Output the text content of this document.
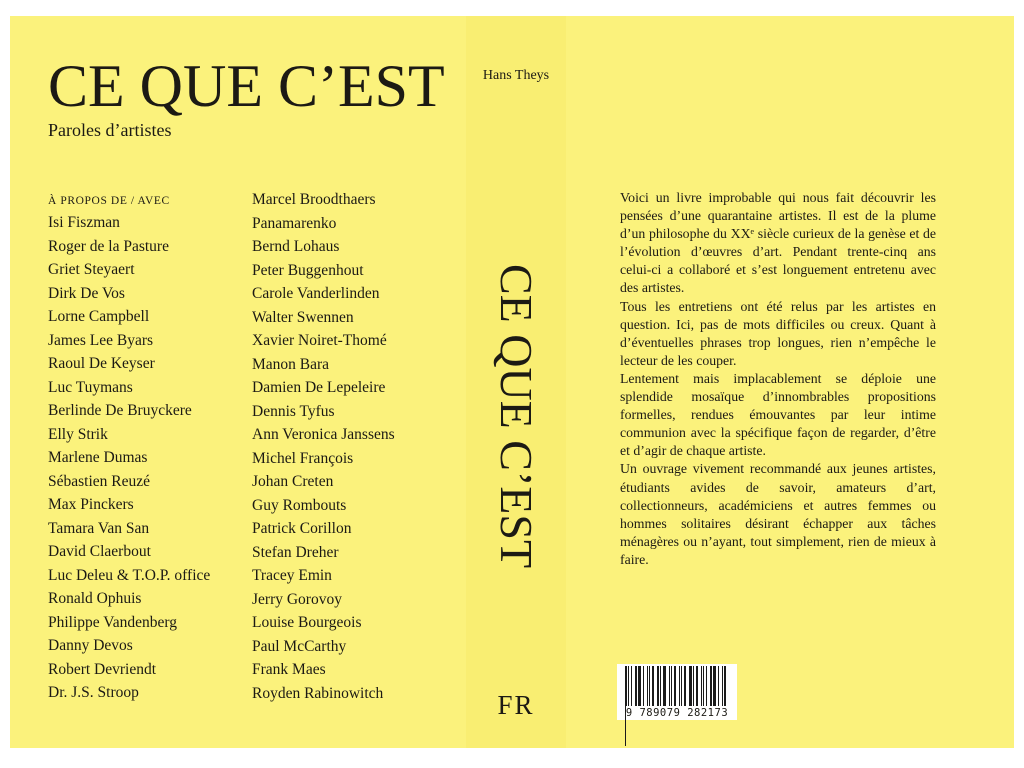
CE QUE C’EST
Paroles d’artistes
À PROPOS DE / AVEC
Isi Fiszman
Roger de la Pasture
Griet Steyaert
Dirk De Vos
Lorne Campbell
James Lee Byars
Raoul De Keyser
Luc Tuymans
Berlinde De Bruyckere
Elly Strik
Marlene Dumas
Sébastien Reuzé
Max Pinckers
Tamara Van San
David Claerbout
Luc Deleu & T.O.P. office
Ronald Ophuis
Philippe Vandenberg
Danny Devos
Robert Devriendt
Dr. J.S. Stroop
Marcel Broodthaers
Panamarenko
Bernd Lohaus
Peter Buggenhout
Carole Vanderlinden
Walter Swennen
Xavier Noiret-Thomé
Manon Bara
Damien De Lepeleire
Dennis Tyfus
Ann Veronica Janssens
Michel François
Johan Creten
Guy Rombouts
Patrick Corillon
Stefan Dreher
Tracey Emin
Jerry Gorovoy
Louise Bourgeois
Paul McCarthy
Frank Maes
Royden Rabinowitch
Hans Theys
CE QUE C’EST
FR

Voici un livre improbable qui nous fait découvrir les pensées d’une quarantaine artistes. Il est de la plume d’un philosophe du XXᵉ siècle curieux de la genèse et de l’évolution d’œuvres d’art. Pendant trente-cinq ans celui-ci a collaboré et s’est longuement entretenu avec des artistes.

Tous les entretiens ont été relus par les artistes en question. Ici, pas de mots difficiles ou creux. Quant à d’éventuelles phrases trop longues, rien n’empêche le lecteur de les couper.

Lentement mais implacablement se déploie une splendide mosaïque d’innombrables propositions formelles, rendues émouvantes par leur intime communion avec la spécifique façon de regarder, d’être et d’agir de chaque artiste.

Un ouvrage vivement recommandé aux jeunes artistes, étudiants avides de savoir, amateurs d’art, collectionneurs, académiciens et autres femmes ou hommes solitaires désirant échapper aux tâches ménagères ou n’ayant, tout simplement, rien de mieux à faire.

9 789079 282173
